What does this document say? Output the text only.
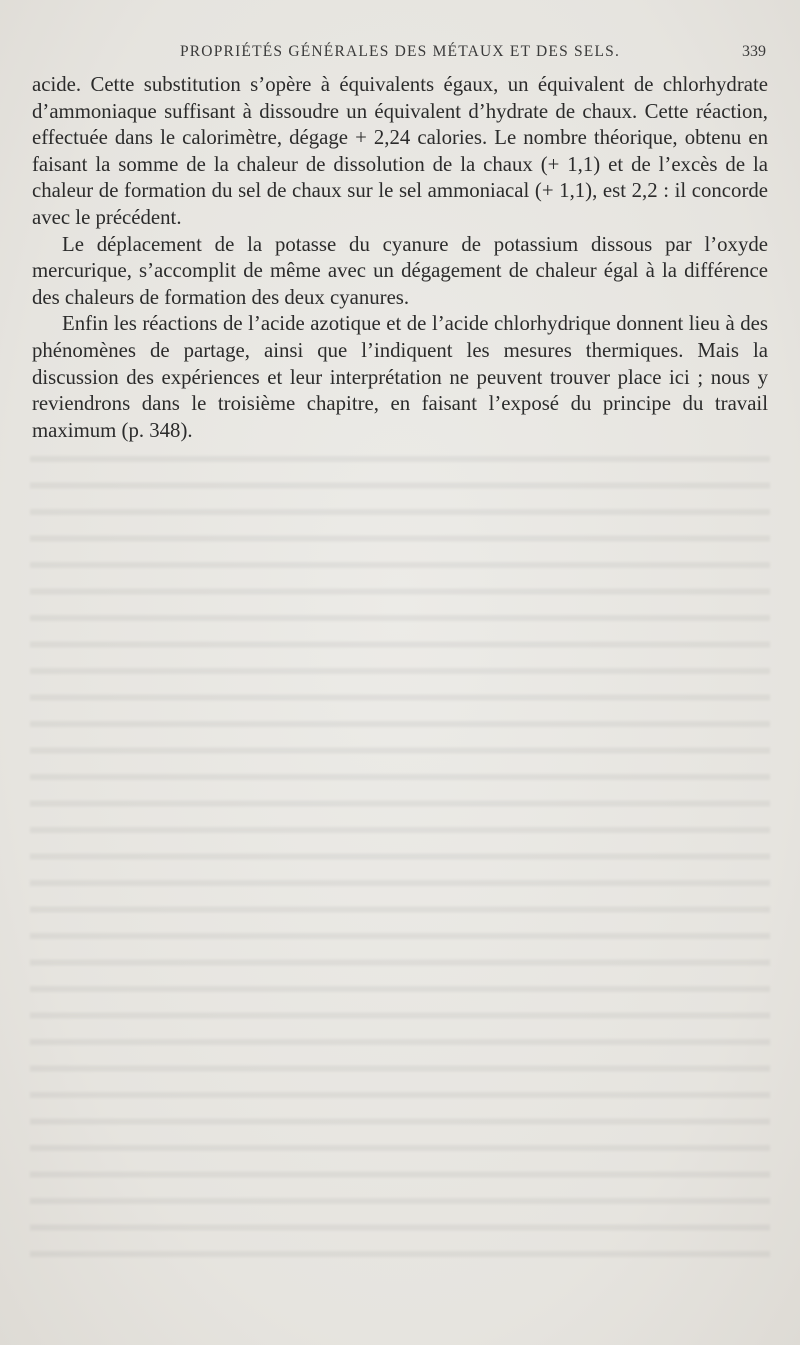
PROPRIÉTÉS GÉNÉRALES DES MÉTAUX ET DES SELS.	339

acide. Cette substitution s’opère à équivalents égaux, un équivalent de chlorhydrate d’ammoniaque suffisant à dissoudre un équivalent d’hydrate de chaux. Cette réaction, effectuée dans le calorimètre, dégage + 2,24 calories. Le nombre théorique, obtenu en faisant la somme de la chaleur de dissolution de la chaux (+ 1,1) et de l’excès de la chaleur de formation du sel de chaux sur le sel ammoniacal (+ 1,1), est 2,2 : il concorde avec le précédent.

Le déplacement de la potasse du cyanure de potassium dissous par l’oxyde mercurique, s’accomplit de même avec un dégagement de chaleur égal à la différence des chaleurs de formation des deux cyanures.

Enfin les réactions de l’acide azotique et de l’acide chlorhydrique donnent lieu à des phénomènes de partage, ainsi que l’indiquent les mesures thermiques. Mais la discussion des expériences et leur interprétation ne peuvent trouver place ici ; nous y reviendrons dans le troisième chapitre, en faisant l’exposé du principe du travail maximum (p. 348).
